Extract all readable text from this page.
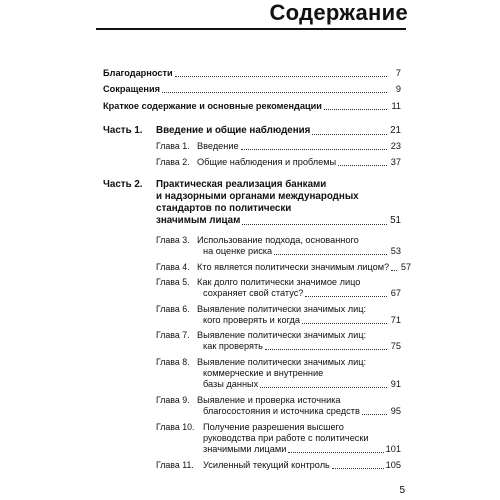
Содержание
Благодарности	7
Сокращения	9
Краткое содержание и основные рекомендации	11
Часть 1. Введение и общие наблюдения	21
Глава 1. Введение	23
Глава 2. Общие наблюдения и проблемы	37
Часть 2. Практическая реализация банками
и надзорными органами международных
стандартов по политически
значимым лицам	51
Глава 3. Использование подхода, основанного
на оценке риска	53
Глава 4. Кто является политически значимым лицом? 57
Глава 5. Как долго политически значимое лицо
сохраняет свой статус?	67
Глава 6. Выявление политически значимых лиц:
кого проверять и когда	71
Глава 7. Выявление политически значимых лиц:
как проверять	75
Глава 8. Выявление политически значимых лиц:
коммерческие и внутренние
базы данных	91
Глава 9. Выявление и проверка источника
благосостояния и источника средств	95
Глава 10. Получение разрешения высшего
руководства при работе с политически
значимыми лицами	101
Глава 11. Усиленный текущий контроль	105
5
